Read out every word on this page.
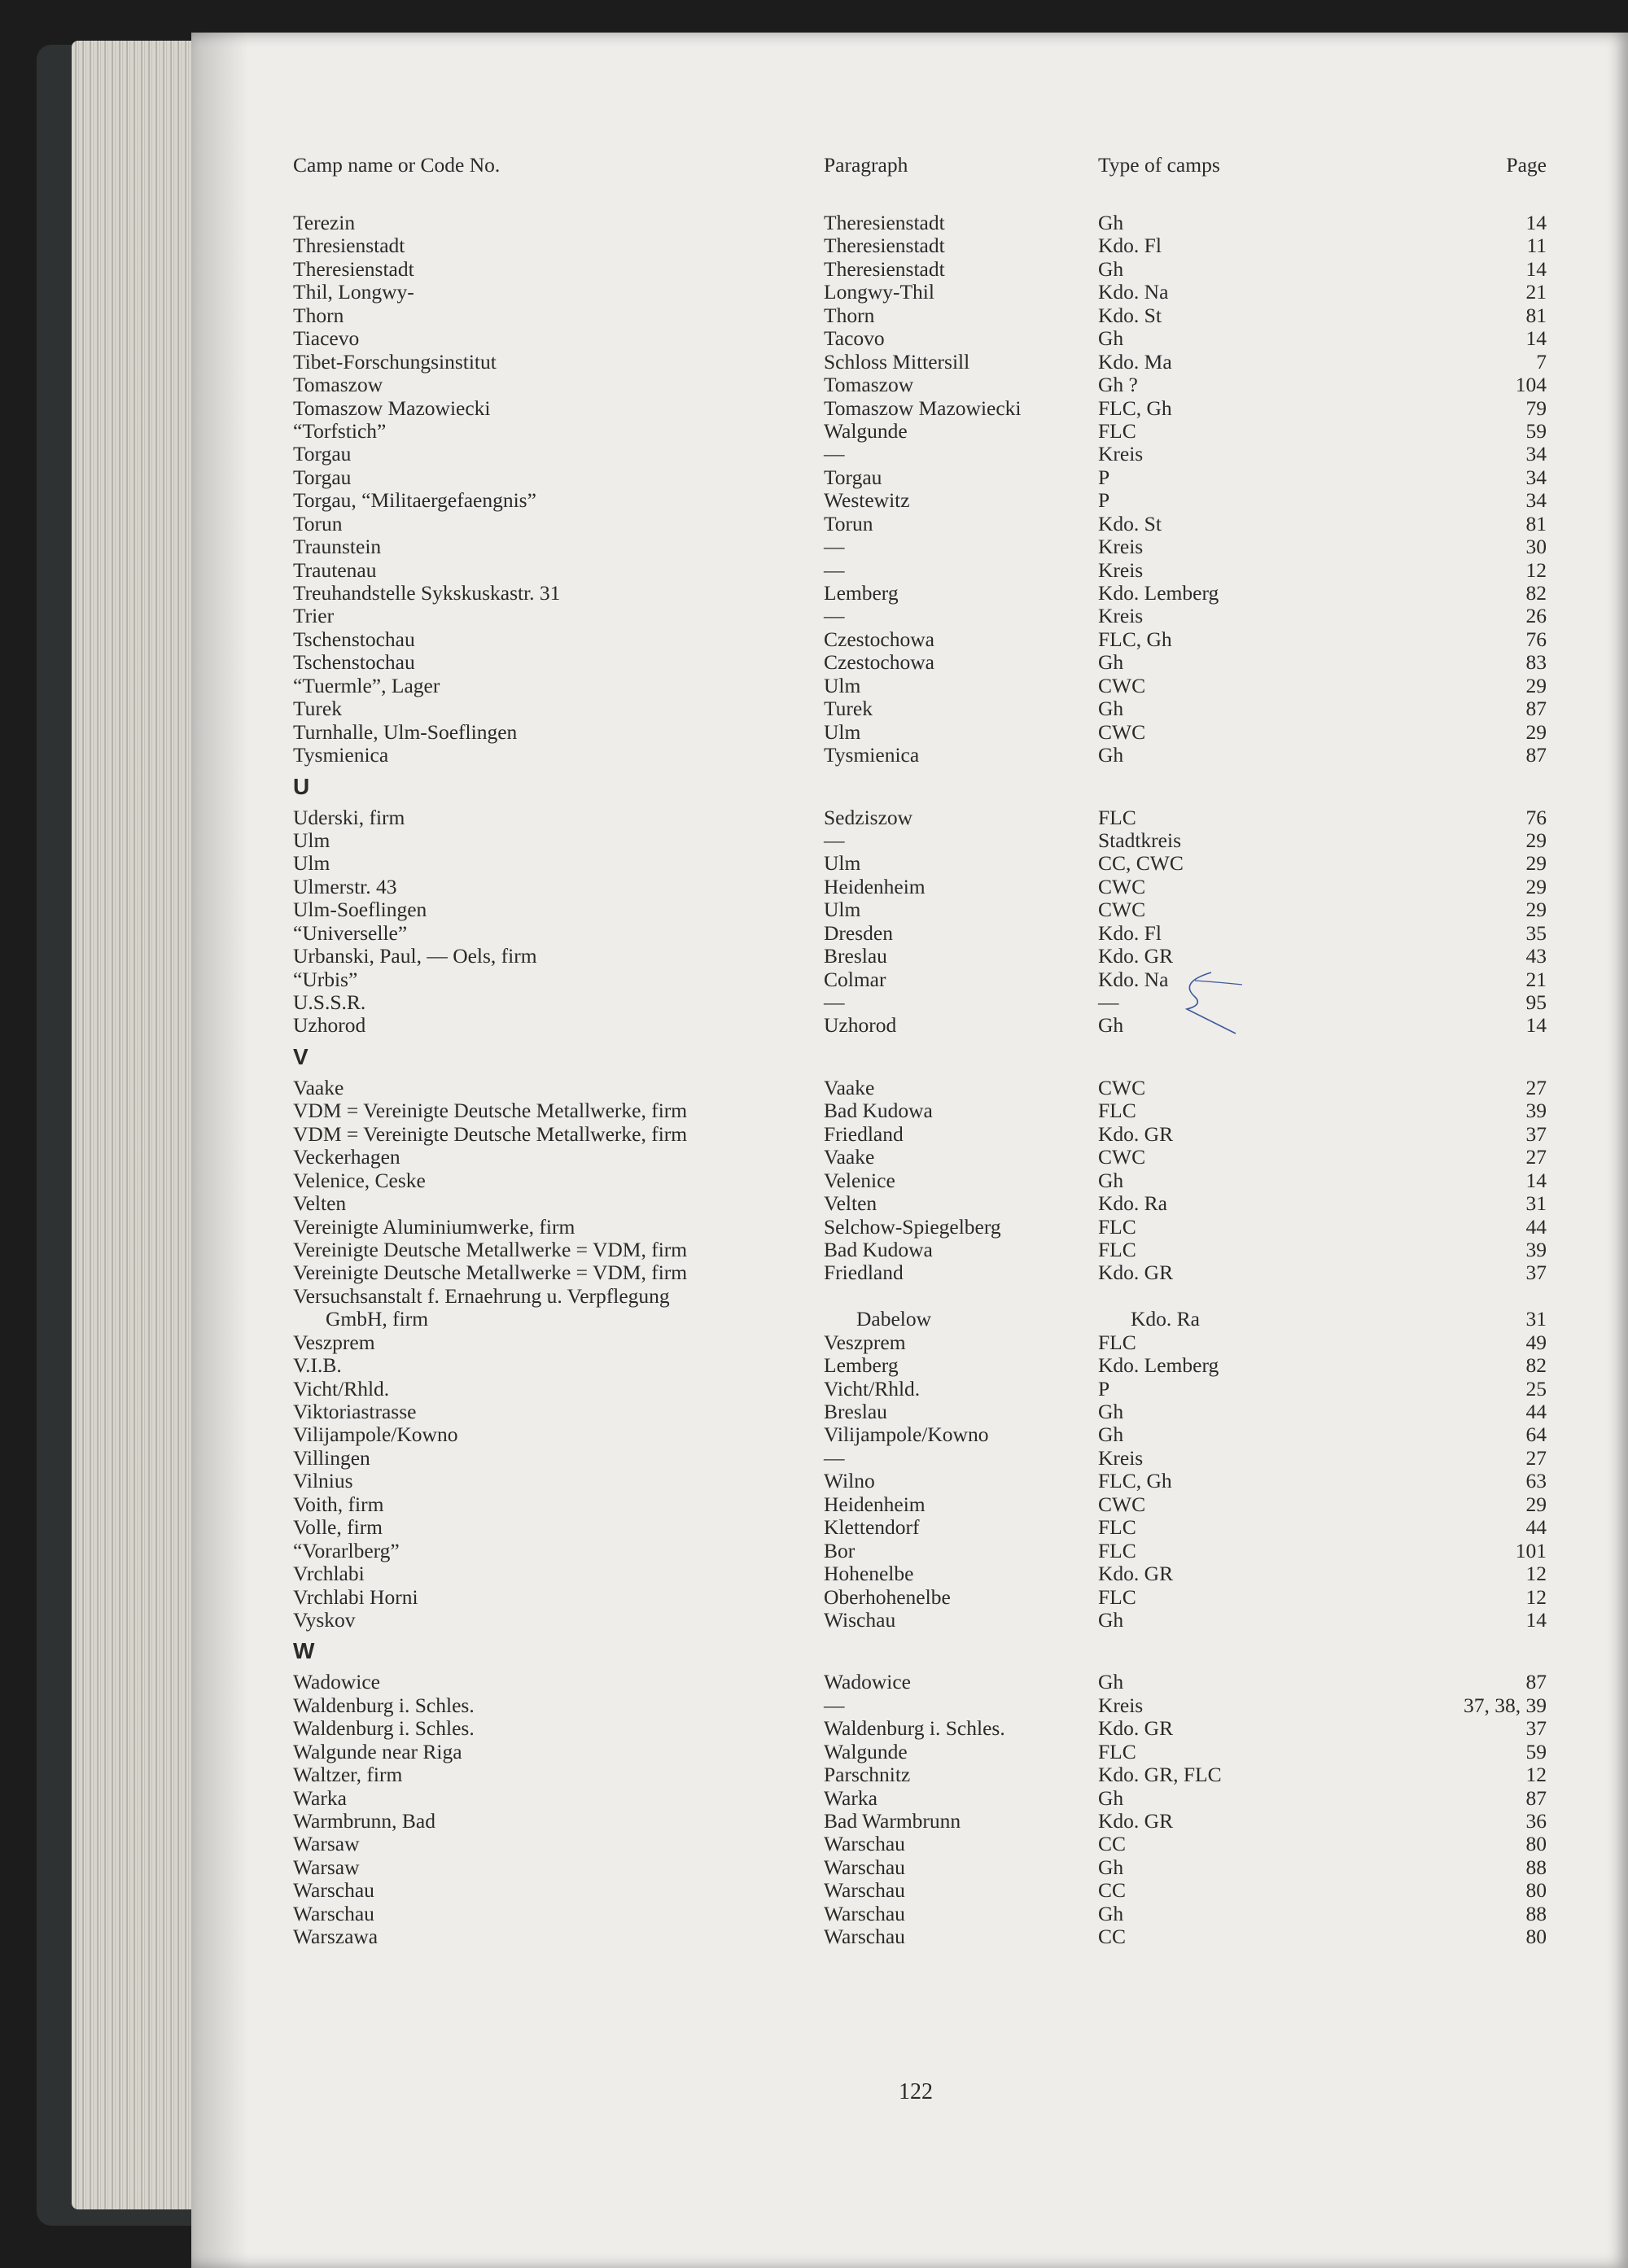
Camp name or Code No.	Paragraph	Type of camps	Page
Terezin	Theresienstadt	Gh	14
Thresienstadt	Theresienstadt	Kdo. Fl	11
Theresienstadt	Theresienstadt	Gh	14
Thil, Longwy-	Longwy-Thil	Kdo. Na	21
Thorn	Thorn	Kdo. St	81
Tiacevo	Tacovo	Gh	14
Tibet-Forschungsinstitut	Schloss Mittersill	Kdo. Ma	7
Tomaszow	Tomaszow	Gh ?	104
Tomaszow Mazowiecki	Tomaszow Mazowiecki	FLC, Gh	79
“Torfstich”	Walgunde	FLC	59
Torgau	—	Kreis	34
Torgau	Torgau	P	34
Torgau, “Militaergefaengnis”	Westewitz	P	34
Torun	Torun	Kdo. St	81
Traunstein	—	Kreis	30
Trautenau	—	Kreis	12
Treuhandstelle Sykskuskastr. 31	Lemberg	Kdo. Lemberg	82
Trier	—	Kreis	26
Tschenstochau	Czestochowa	FLC, Gh	76
Tschenstochau	Czestochowa	Gh	83
“Tuermle”, Lager	Ulm	CWC	29
Turek	Turek	Gh	87
Turnhalle, Ulm-Soeflingen	Ulm	CWC	29
Tysmienica	Tysmienica	Gh	87
U
Uderski, firm	Sedziszow	FLC	76
Ulm	—	Stadtkreis	29
Ulm	Ulm	CC, CWC	29
Ulmerstr. 43	Heidenheim	CWC	29
Ulm-Soeflingen	Ulm	CWC	29
“Universelle”	Dresden	Kdo. Fl	35
Urbanski, Paul, — Oels, firm	Breslau	Kdo. GR	43
“Urbis”	Colmar	Kdo. Na	21
U.S.S.R.	—	—	95
Uzhorod	Uzhorod	Gh	14
V
Vaake	Vaake	CWC	27
VDM = Vereinigte Deutsche Metallwerke, firm	Bad Kudowa	FLC	39
VDM = Vereinigte Deutsche Metallwerke, firm	Friedland	Kdo. GR	37
Veckerhagen	Vaake	CWC	27
Velenice, Ceske	Velenice	Gh	14
Velten	Velten	Kdo. Ra	31
Vereinigte Aluminiumwerke, firm	Selchow-Spiegelberg	FLC	44
Vereinigte Deutsche Metallwerke = VDM, firm	Bad Kudowa	FLC	39
Vereinigte Deutsche Metallwerke = VDM, firm	Friedland	Kdo. GR	37
Versuchsanstalt f. Ernaehrung u. Verpflegung
GmbH, firm	Dabelow	Kdo. Ra	31
Veszprem	Veszprem	FLC	49
V.I.B.	Lemberg	Kdo. Lemberg	82
Vicht/Rhld.	Vicht/Rhld.	P	25
Viktoriastrasse	Breslau	Gh	44
Vilijampole/Kowno	Vilijampole/Kowno	Gh	64
Villingen	—	Kreis	27
Vilnius	Wilno	FLC, Gh	63
Voith, firm	Heidenheim	CWC	29
Volle, firm	Klettendorf	FLC	44
“Vorarlberg”	Bor	FLC	101
Vrchlabi	Hohenelbe	Kdo. GR	12
Vrchlabi Horni	Oberhohenelbe	FLC	12
Vyskov	Wischau	Gh	14
W
Wadowice	Wadowice	Gh	87
Waldenburg i. Schles.	—	Kreis	37, 38, 39
Waldenburg i. Schles.	Waldenburg i. Schles.	Kdo. GR	37
Walgunde near Riga	Walgunde	FLC	59
Waltzer, firm	Parschnitz	Kdo. GR, FLC	12
Warka	Warka	Gh	87
Warmbrunn, Bad	Bad Warmbrunn	Kdo. GR	36
Warsaw	Warschau	CC	80
Warsaw	Warschau	Gh	88
Warschau	Warschau	CC	80
Warschau	Warschau	Gh	88
Warszawa	Warschau	CC	80
122
